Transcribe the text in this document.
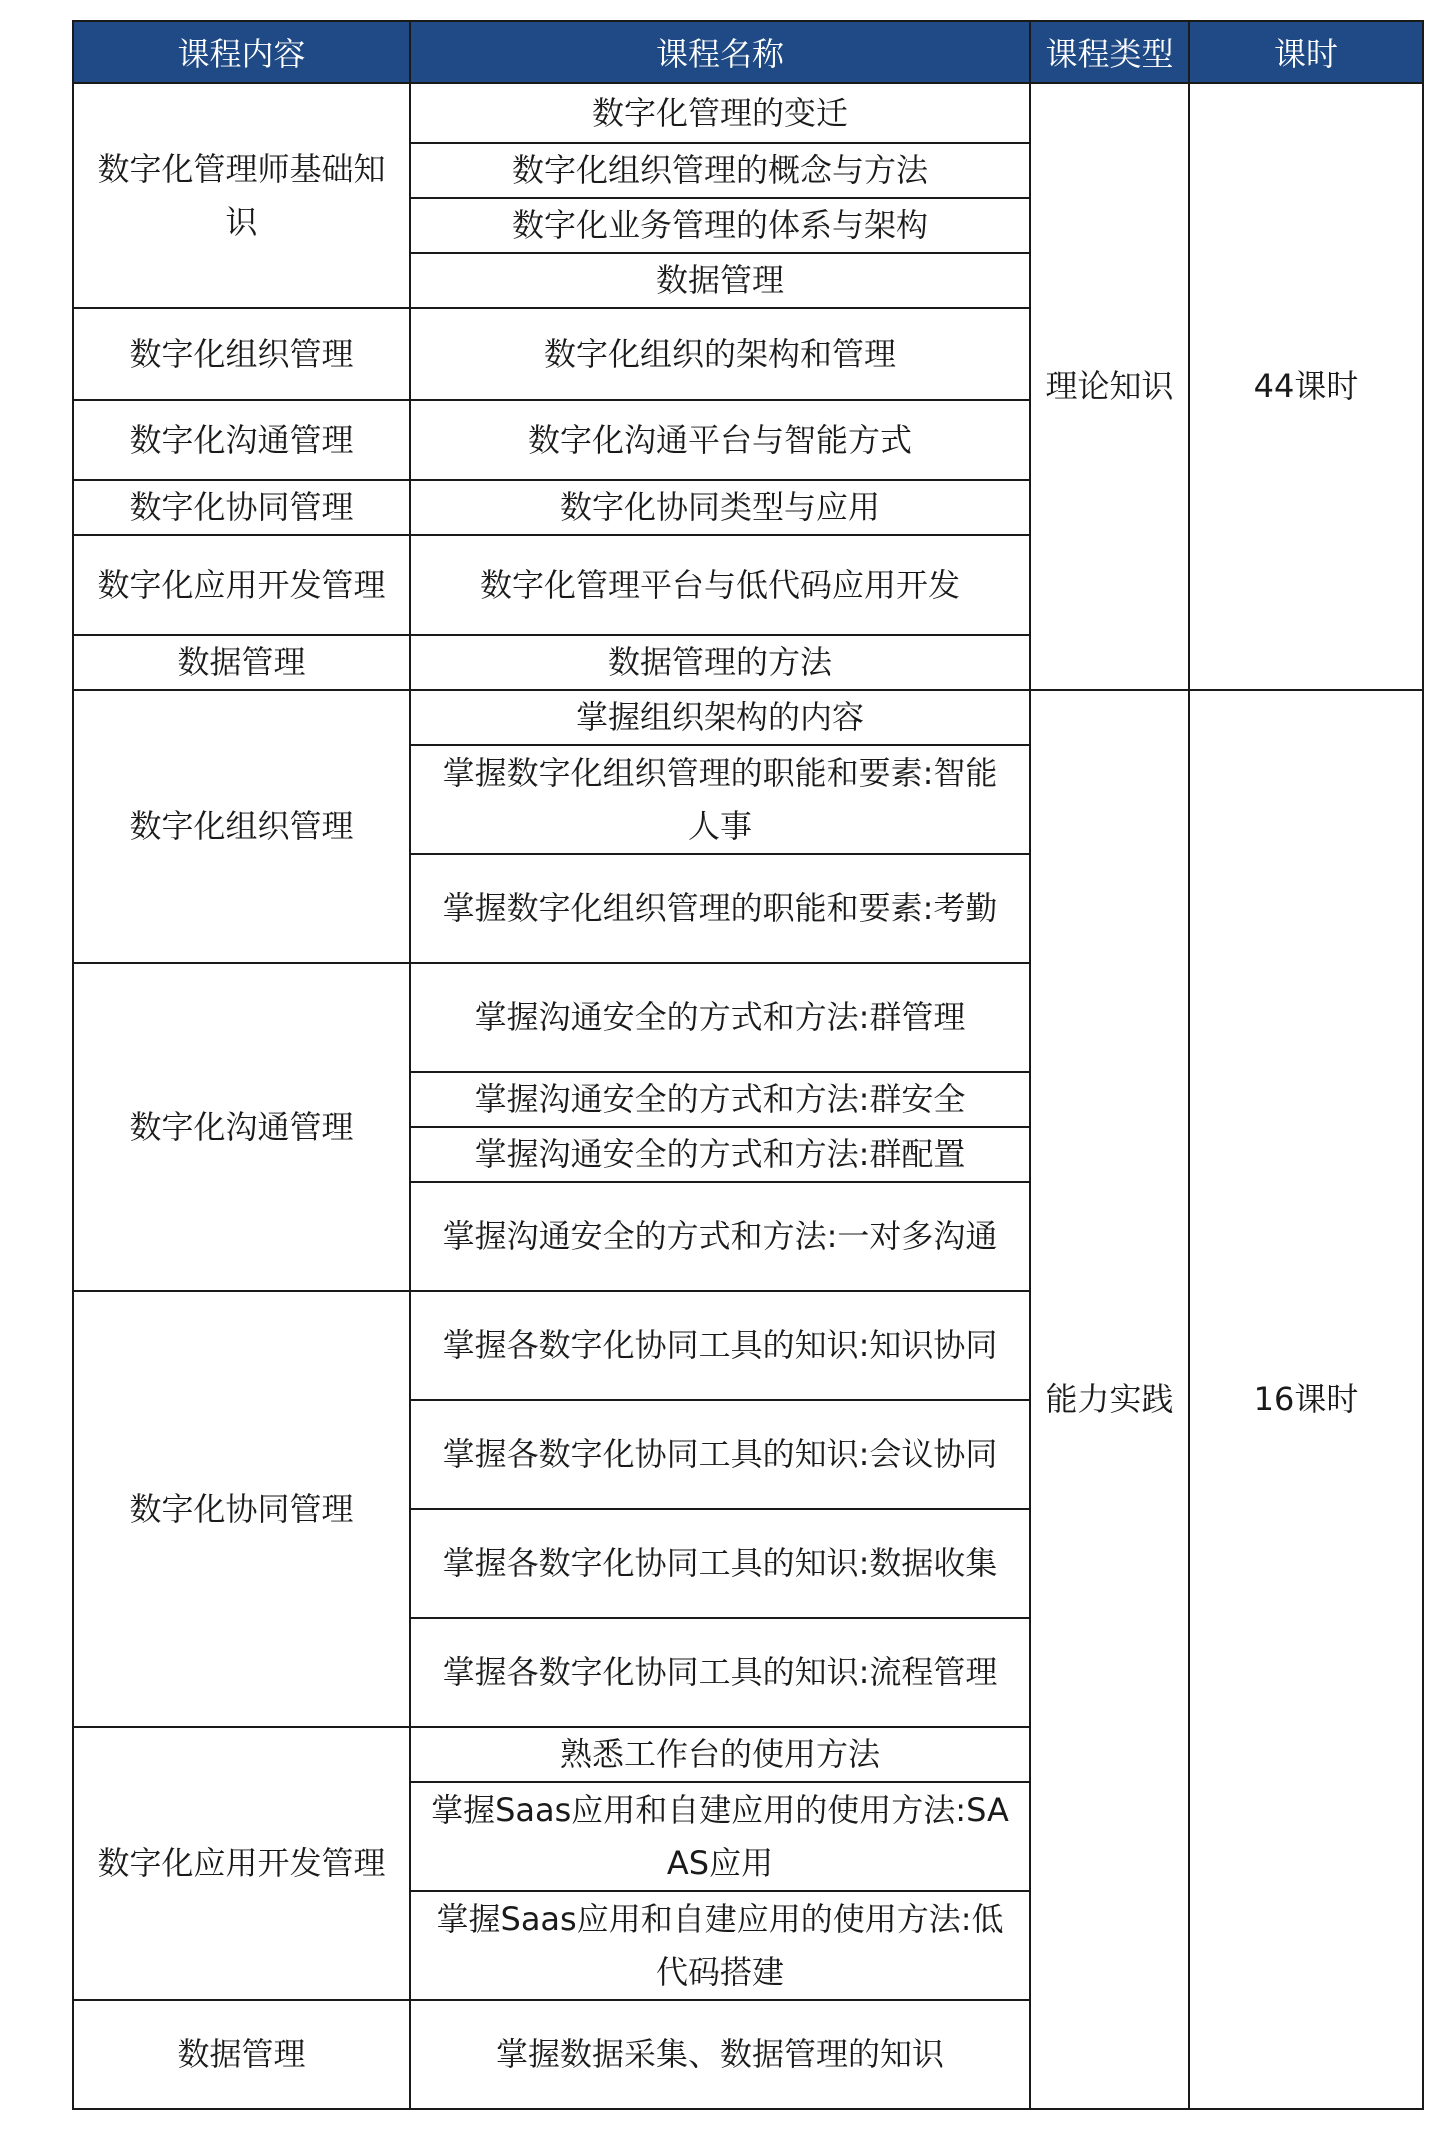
课程内容	课程名称	课程类型	课时
数字化管理师基础知识	数字化管理的变迁	理论知识	44课时
	数字化组织管理的概念与方法		
	数字化业务管理的体系与架构		
	数据管理		
数字化组织管理	数字化组织的架构和管理		
数字化沟通管理	数字化沟通平台与智能方式		
数字化协同管理	数字化协同类型与应用		
数字化应用开发管理	数字化管理平台与低代码应用开发		
数据管理	数据管理的方法		
数字化组织管理	掌握组织架构的内容	能力实践	16课时
	掌握数字化组织管理的职能和要素:智能人事		
	掌握数字化组织管理的职能和要素:考勤		
数字化沟通管理	掌握沟通安全的方式和方法:群管理		
	掌握沟通安全的方式和方法:群安全		
	掌握沟通安全的方式和方法:群配置		
	掌握沟通安全的方式和方法:一对多沟通		
数字化协同管理	掌握各数字化协同工具的知识:知识协同		
	掌握各数字化协同工具的知识:会议协同		
	掌握各数字化协同工具的知识:数据收集		
	掌握各数字化协同工具的知识:流程管理		
数字化应用开发管理	熟悉工作台的使用方法		
	掌握Saas应用和自建应用的使用方法:SAAS应用		
	掌握Saas应用和自建应用的使用方法:低代码搭建		
数据管理	掌握数据采集、数据管理的知识		
